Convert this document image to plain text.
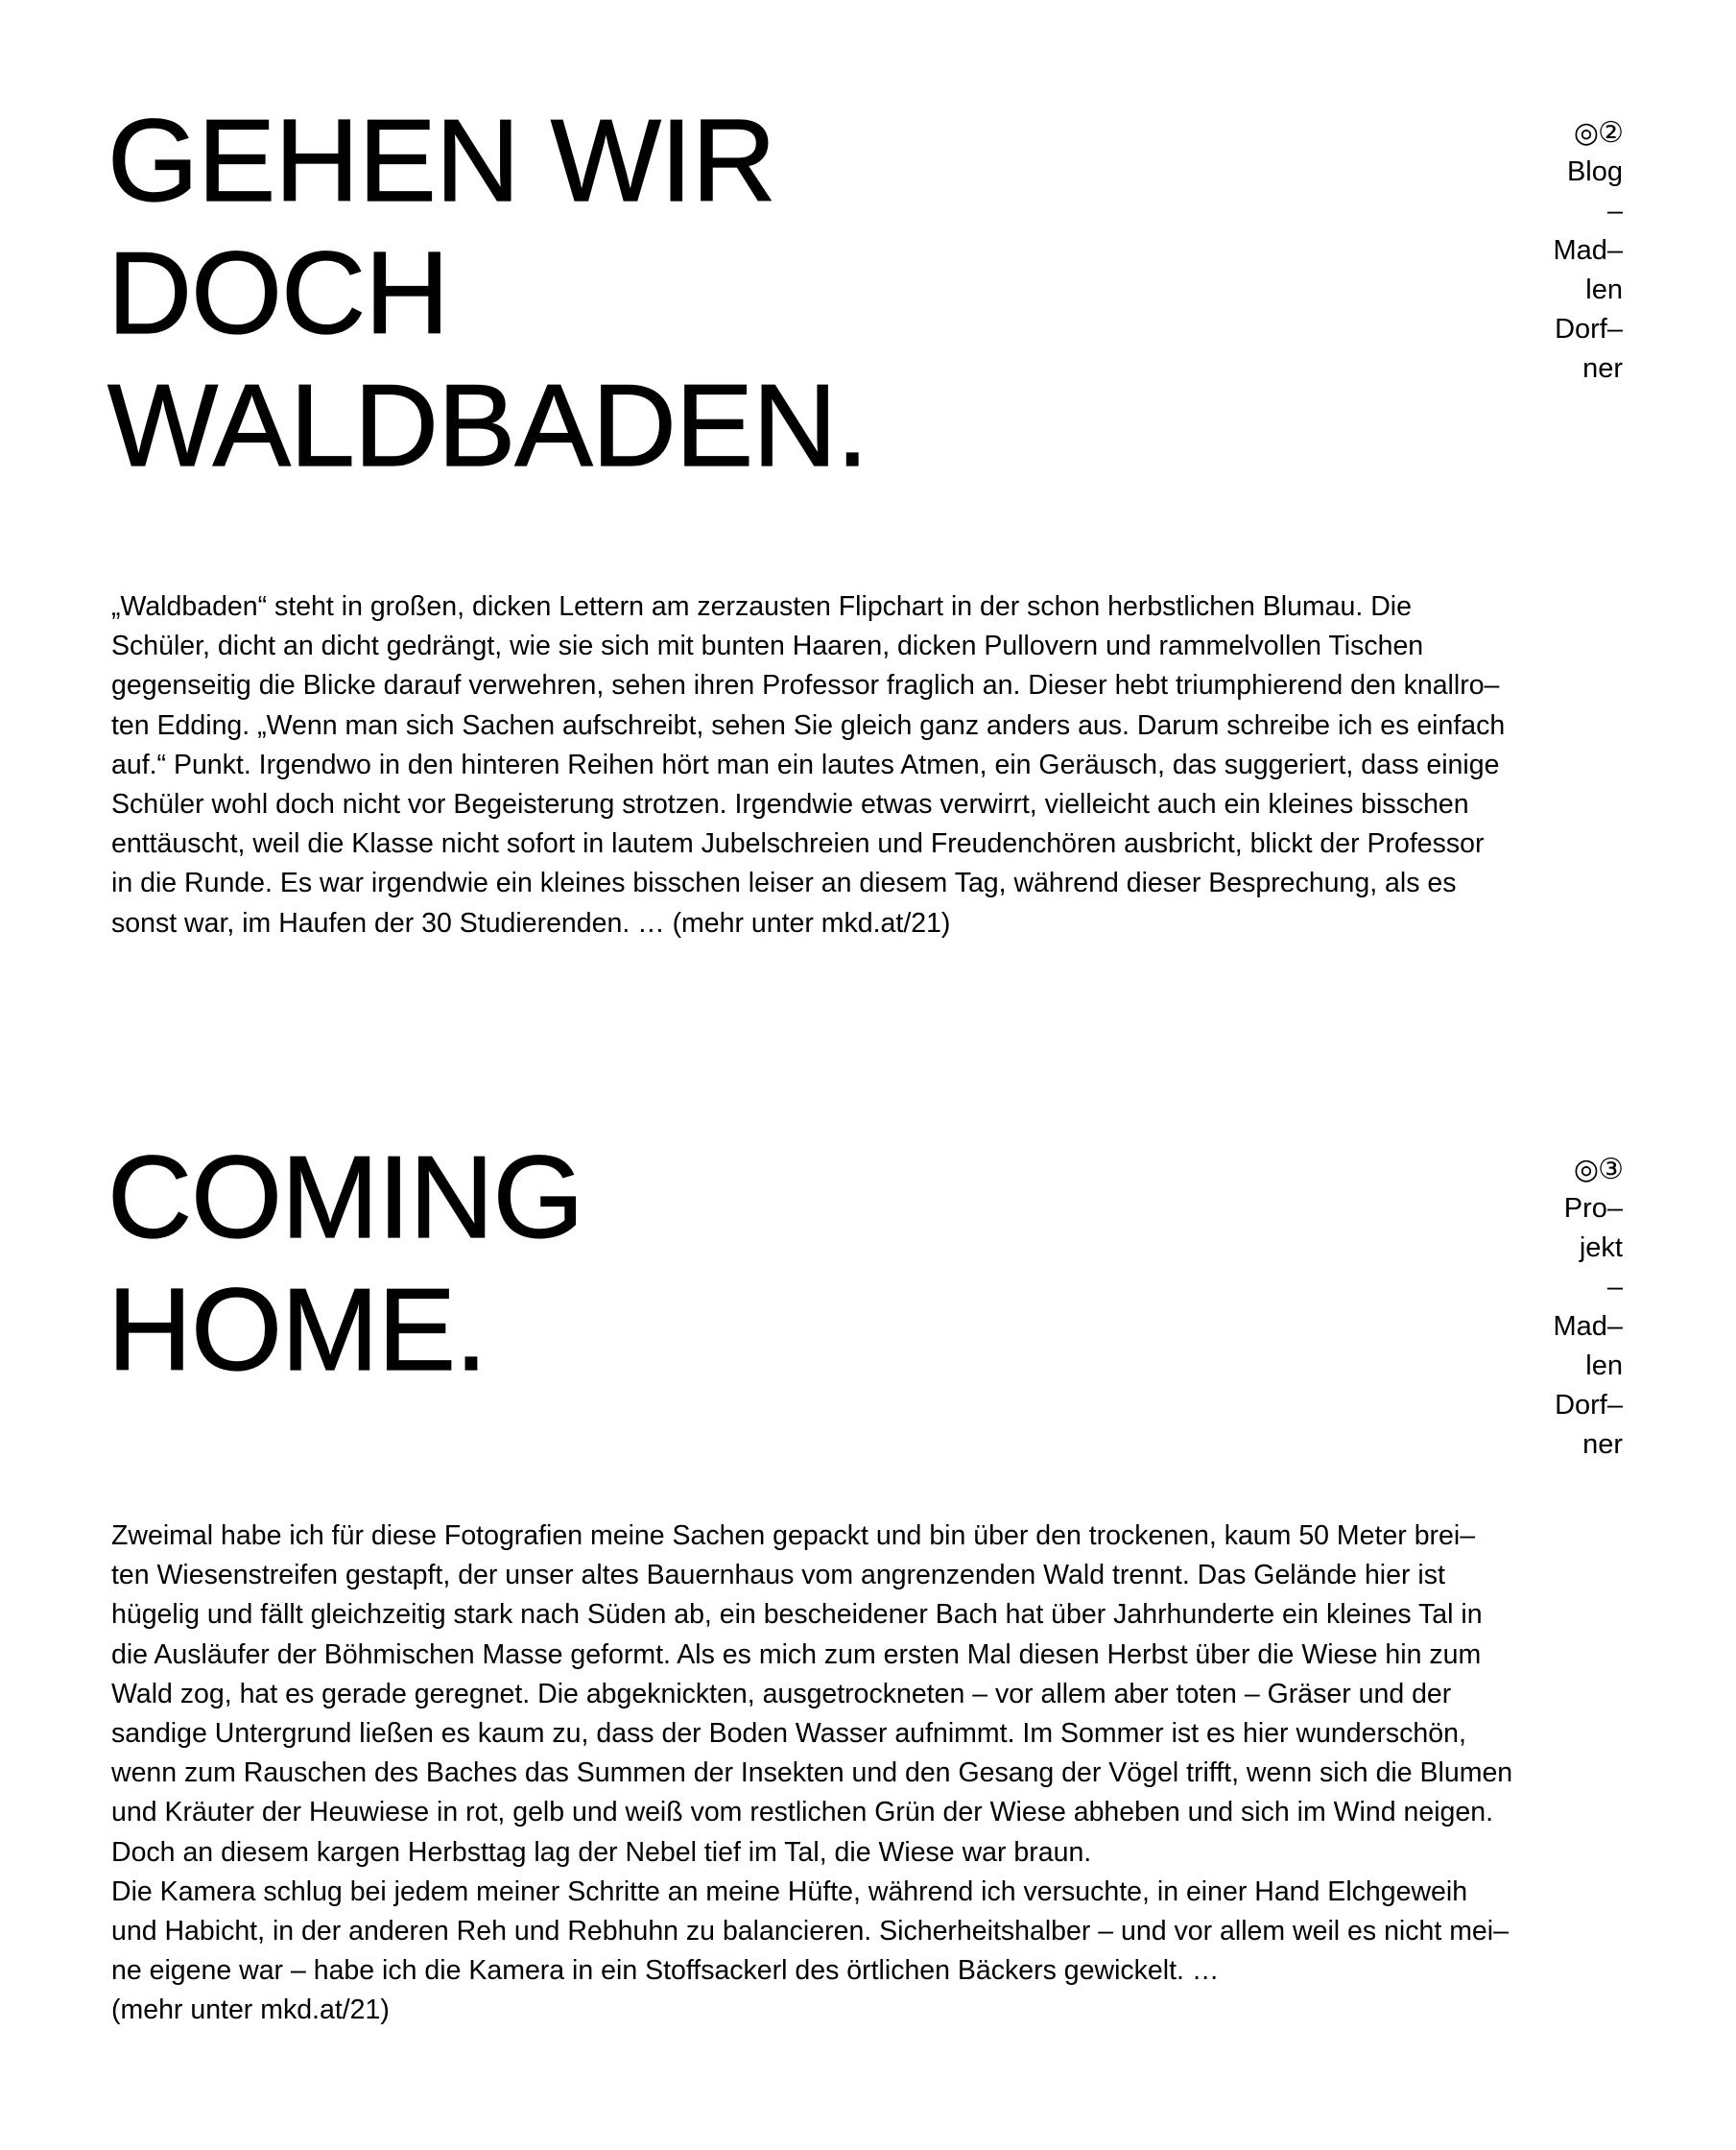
GEHEN WIR
DOCH
WALDBADEN.
◎②
Blog
–
Mad–
len
Dorf–
ner

„Waldbaden“ steht in großen, dicken Lettern am zerzausten Flipchart in der schon herbstlichen Blumau. Die
Schüler, dicht an dicht gedrängt, wie sie sich mit bunten Haaren, dicken Pullovern und rammelvollen Tischen
gegenseitig die Blicke darauf verwehren, sehen ihren Professor fraglich an. Dieser hebt triumphierend den knallro–
ten Edding. „Wenn man sich Sachen aufschreibt, sehen Sie gleich ganz anders aus. Darum schreibe ich es einfach
auf.“ Punkt. Irgendwo in den hinteren Reihen hört man ein lautes Atmen, ein Geräusch, das suggeriert, dass einige
Schüler wohl doch nicht vor Begeisterung strotzen. Irgendwie etwas verwirrt, vielleicht auch ein kleines bisschen
enttäuscht, weil die Klasse nicht sofort in lautem Jubelschreien und Freudenchören ausbricht, blickt der Professor
in die Runde. Es war irgendwie ein kleines bisschen leiser an diesem Tag, während dieser Besprechung, als es
sonst war, im Haufen der 30 Studierenden. … (mehr unter mkd.at/21)

COMING
HOME.
◎③
Pro–
jekt
–
Mad–
len
Dorf–
ner

Zweimal habe ich für diese Fotografien meine Sachen gepackt und bin über den trockenen, kaum 50 Meter brei–
ten Wiesenstreifen gestapft, der unser altes Bauernhaus vom angrenzenden Wald trennt. Das Gelände hier ist
hügelig und fällt gleichzeitig stark nach Süden ab, ein bescheidener Bach hat über Jahrhunderte ein kleines Tal in
die Ausläufer der Böhmischen Masse geformt. Als es mich zum ersten Mal diesen Herbst über die Wiese hin zum
Wald zog, hat es gerade geregnet. Die abgeknickten, ausgetrockneten – vor allem aber toten – Gräser und der
sandige Untergrund ließen es kaum zu, dass der Boden Wasser aufnimmt. Im Sommer ist es hier wunderschön,
wenn zum Rauschen des Baches das Summen der Insekten und den Gesang der Vögel trifft, wenn sich die Blumen
und Kräuter der Heuwiese in rot, gelb und weiß vom restlichen Grün der Wiese abheben und sich im Wind neigen.
Doch an diesem kargen Herbsttag lag der Nebel tief im Tal, die Wiese war braun.
Die Kamera schlug bei jedem meiner Schritte an meine Hüfte, während ich versuchte, in einer Hand Elchgeweih
und Habicht, in der anderen Reh und Rebhuhn zu balancieren. Sicherheitshalber – und vor allem weil es nicht mei–
ne eigene war – habe ich die Kamera in ein Stoffsackerl des örtlichen Bäckers gewickelt. …
(mehr unter mkd.at/21)
